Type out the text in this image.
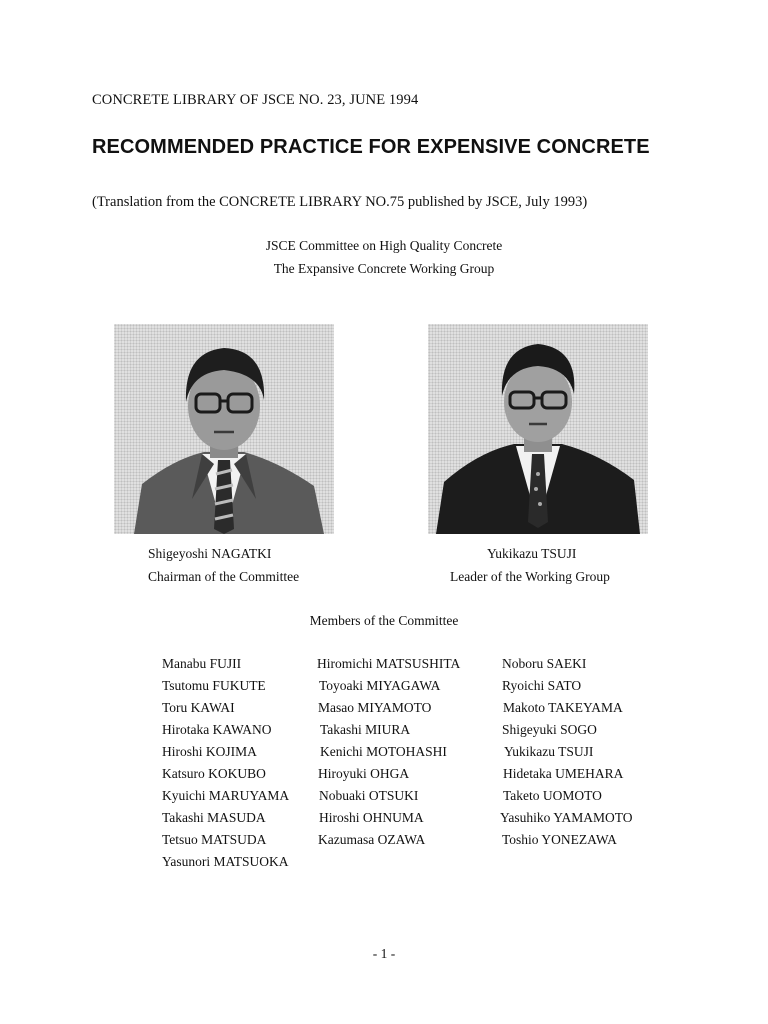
CONCRETE LIBRARY OF JSCE NO. 23, JUNE 1994
RECOMMENDED PRACTICE FOR EXPENSIVE CONCRETE
(Translation from the CONCRETE LIBRARY NO.75 published by JSCE, July 1993)
JSCE Committee on High Quality Concrete
The Expansive Concrete Working Group
Shigeyoshi NAGATKI
Chairman of the Committee
Yukikazu TSUJI
Leader of the Working Group
Members of the Committee
Manabu FUJII
Tsutomu FUKUTE
Toru KAWAI
Hirotaka KAWANO
Hiroshi KOJIMA
Katsuro KOKUBO
Kyuichi MARUYAMA
Takashi MASUDA
Tetsuo MATSUDA
Yasunori MATSUOKA
Hiromichi MATSUSHITA
Toyoaki MIYAGAWA
Masao MIYAMOTO
Takashi MIURA
Kenichi MOTOHASHI
Hiroyuki OHGA
Nobuaki OTSUKI
Hiroshi OHNUMA
Kazumasa OZAWA
Noboru SAEKI
Ryoichi SATO
Makoto TAKEYAMA
Shigeyuki SOGO
Yukikazu TSUJI
Hidetaka UMEHARA
Taketo UOMOTO
Yasuhiko YAMAMOTO
Toshio YONEZAWA
- 1 -
